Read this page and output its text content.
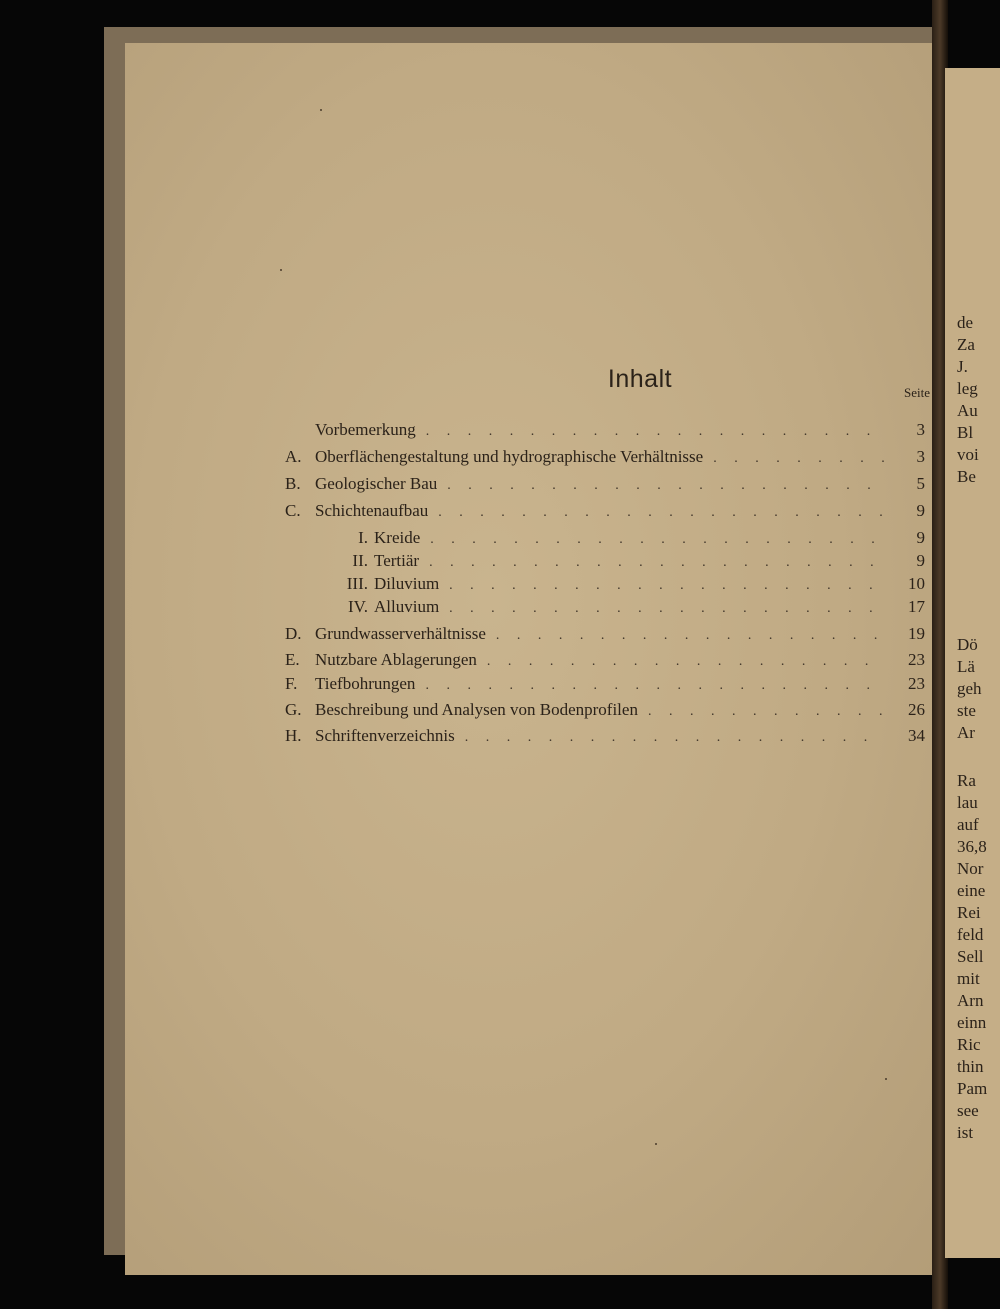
Inhalt	Seite
Vorbemerkung . . .	3
A. Oberflächengestaltung und hydrographische Verhältnisse . . .	3
B. Geologischer Bau . . .	5
C. Schichtenaufbau . . .	9
I. Kreide . . .	9
II. Tertiär . . .	9
III. Diluvium . . .	10
IV. Alluvium . . .	17
D. Grundwasserverhältnisse . . .	19
E. Nutzbare Ablagerungen . . .	23
F.	Tiefbohrungen . . .	23
G. Beschreibung und Analysen von Bodenprofilen . . .	26
H. Schriftenverzeichnis . . .	34
de
Za
J.
leg
Au
Bl
voi
Be
Dö
Lä
geh
ste
Ar
Ra
lau
auf
36,8
Nor
eine
Rei
feld
Sell
mit
Arn
einn
Ric
thin
Pam
see
ist
